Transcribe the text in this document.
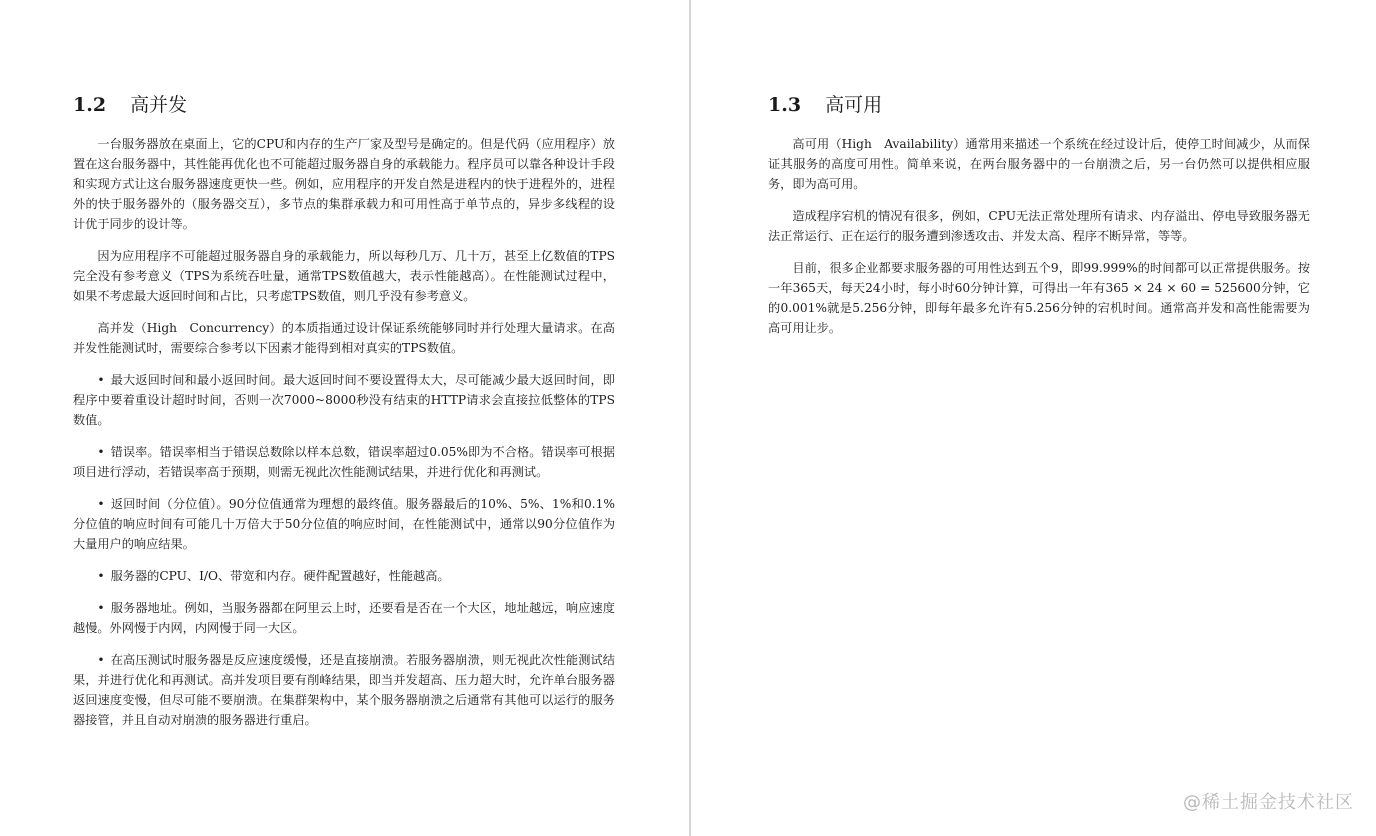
1.2 高并发

一台服务器放在桌面上，它的CPU和内存的生产厂家及型号是确定的。但是代码（应用程序）放置在这台服务器中，其性能再优化也不可能超过服务器自身的承载能力。程序员可以靠各种设计手段和实现方式让这台服务器速度更快一些。例如，应用程序的开发自然是进程内的快于进程外的，进程外的快于服务器外的（服务器交互），多节点的集群承载力和可用性高于单节点的，异步多线程的设计优于同步的设计等。

因为应用程序不可能超过服务器自身的承载能力，所以每秒几万、几十万，甚至上亿数值的TPS完全没有参考意义（TPS为系统吞吐量，通常TPS数值越大，表示性能越高）。在性能测试过程中，如果不考虑最大返回时间和占比，只考虑TPS数值，则几乎没有参考意义。

高并发（High　Concurrency）的本质指通过设计保证系统能够同时并行处理大量请求。在高并发性能测试时，需要综合参考以下因素才能得到相对真实的TPS数值。

• 最大返回时间和最小返回时间。最大返回时间不要设置得太大，尽可能减少最大返回时间，即程序中要着重设计超时时间，否则一次7000~8000秒没有结束的HTTP请求会直接拉低整体的TPS数值。

• 错误率。错误率相当于错误总数除以样本总数，错误率超过0.05%即为不合格。错误率可根据项目进行浮动，若错误率高于预期，则需无视此次性能测试结果，并进行优化和再测试。

• 返回时间（分位值）。90分位值通常为理想的最终值。服务器最后的10%、5%、1%和0.1%分位值的响应时间有可能几十万倍大于50分位值的响应时间，在性能测试中，通常以90分位值作为大量用户的响应结果。

• 服务器的CPU、I/O、带宽和内存。硬件配置越好，性能越高。

• 服务器地址。例如，当服务器都在阿里云上时，还要看是否在一个大区，地址越远，响应速度越慢。外网慢于内网，内网慢于同一大区。

• 在高压测试时服务器是反应速度缓慢，还是直接崩溃。若服务器崩溃，则无视此次性能测试结果，并进行优化和再测试。高并发项目要有削峰结果，即当并发超高、压力超大时，允许单台服务器返回速度变慢，但尽可能不要崩溃。在集群架构中，某个服务器崩溃之后通常有其他可以运行的服务器接管，并且自动对崩溃的服务器进行重启。

1.3 高可用

高可用（High　Availability）通常用来描述一个系统在经过设计后，使停工时间减少，从而保证其服务的高度可用性。简单来说，在两台服务器中的一台崩溃之后，另一台仍然可以提供相应服务，即为高可用。

造成程序宕机的情况有很多，例如，CPU无法正常处理所有请求、内存溢出、停电导致服务器无法正常运行、正在运行的服务遭到渗透攻击、并发太高、程序不断异常，等等。

目前，很多企业都要求服务器的可用性达到五个9，即99.999%的时间都可以正常提供服务。按一年365天，每天24小时，每小时60分钟计算，可得出一年有365 × 24 × 60 = 525600分钟，它的0.001%就是5.256分钟，即每年最多允许有5.256分钟的宕机时间。通常高并发和高性能需要为高可用让步。

@稀土掘金技术社区
